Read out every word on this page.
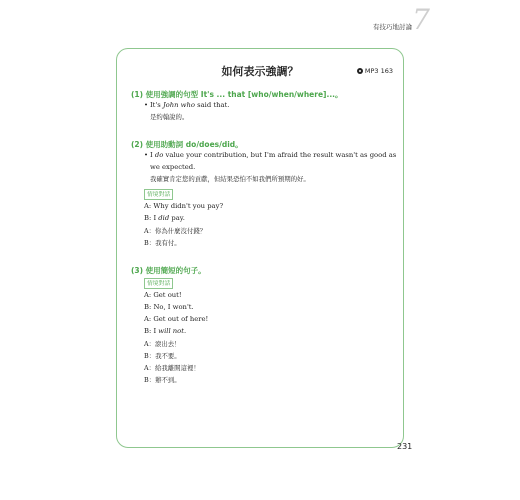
有技巧地討論 7
如何表示強調？	MP3 163
(1) 使用強調的句型 It's ... that [who/when/where]...。
• It's John who said that.
是約翰說的。
(2) 使用助動詞 do/does/did。
• I do value your contribution, but I'm afraid the result wasn't as good as
we expected.
我確實肯定您的貢獻，但結果恐怕不如我們所預期的好。
情境對話
A: Why didn't you pay?
B: I did pay.
A：你為什麼沒付錢？
B：我有付。
(3) 使用簡短的句子。
情境對話
A: Get out!
B: No, I won't.
A: Get out of here!
B: I will not.
A：滾出去！
B：我不要。
A：給我離開這裡！
B：辦不到。
231
